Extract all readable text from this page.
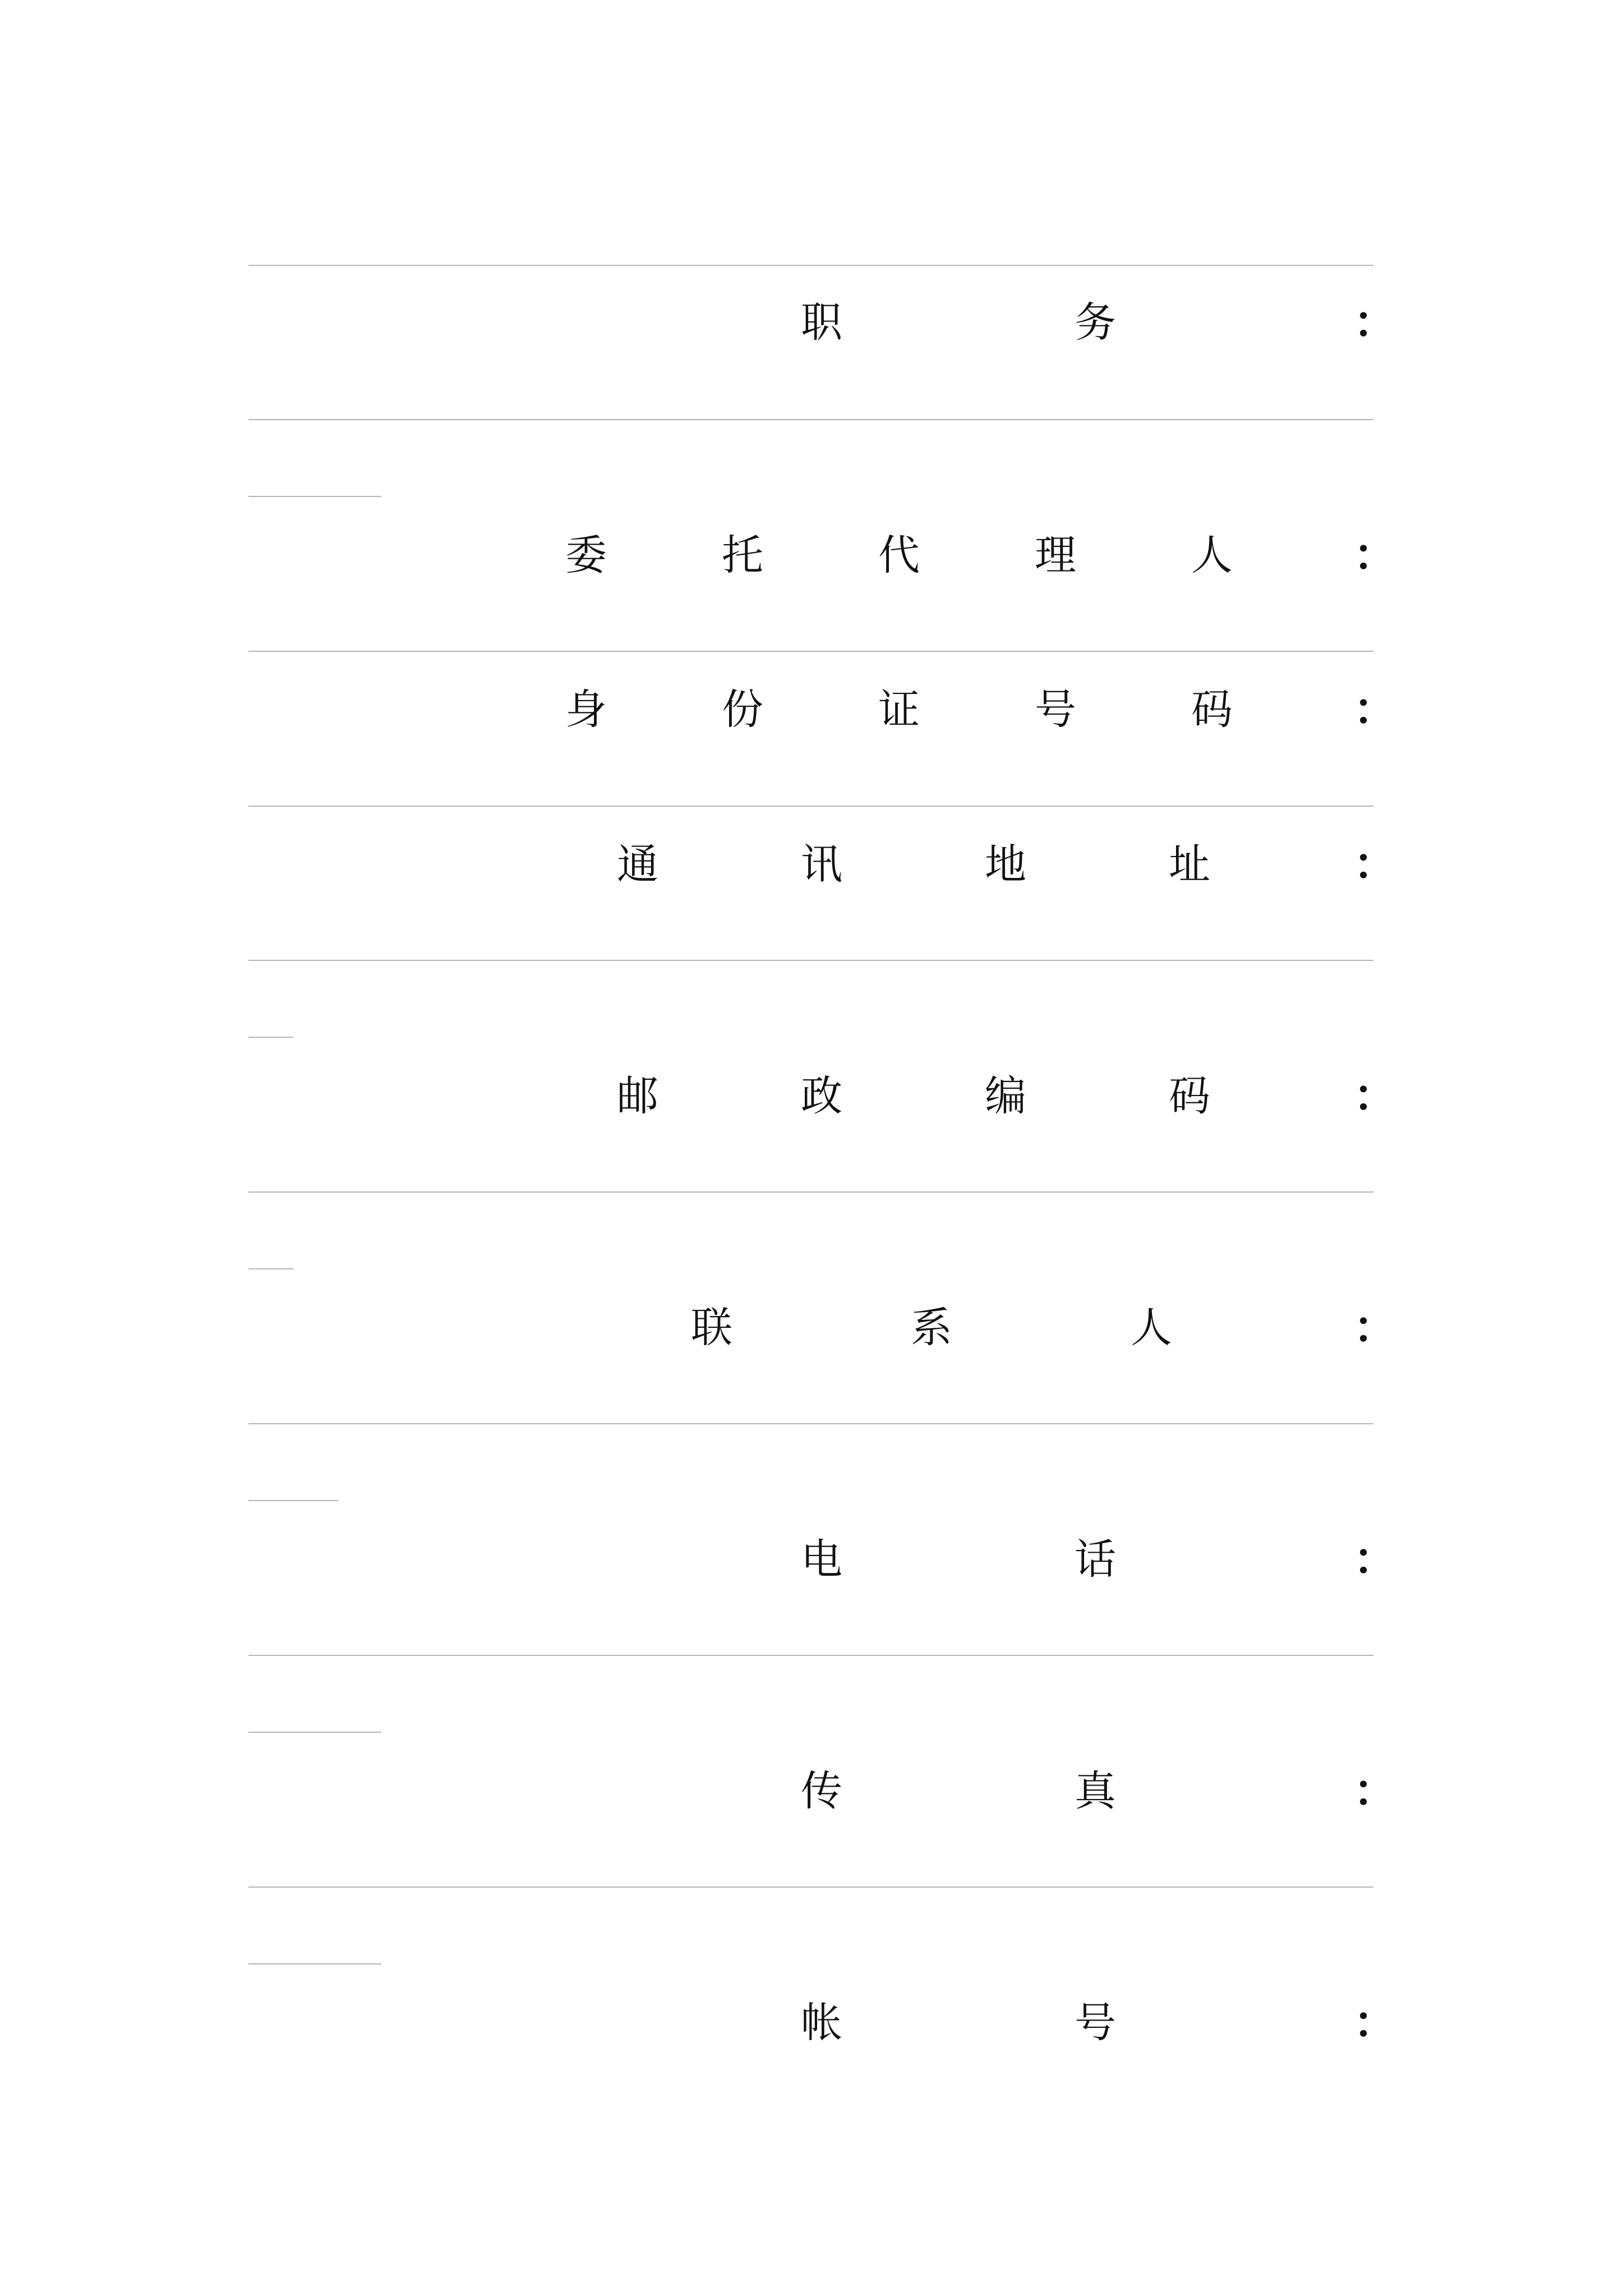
职	务	：
委	托	代	理	人	：
身	份	证	号	码	：
通	讯	地	址	：
邮	政	编	码	：
联	系	人	：
电	话	：
传	真	：
帐	号	：
